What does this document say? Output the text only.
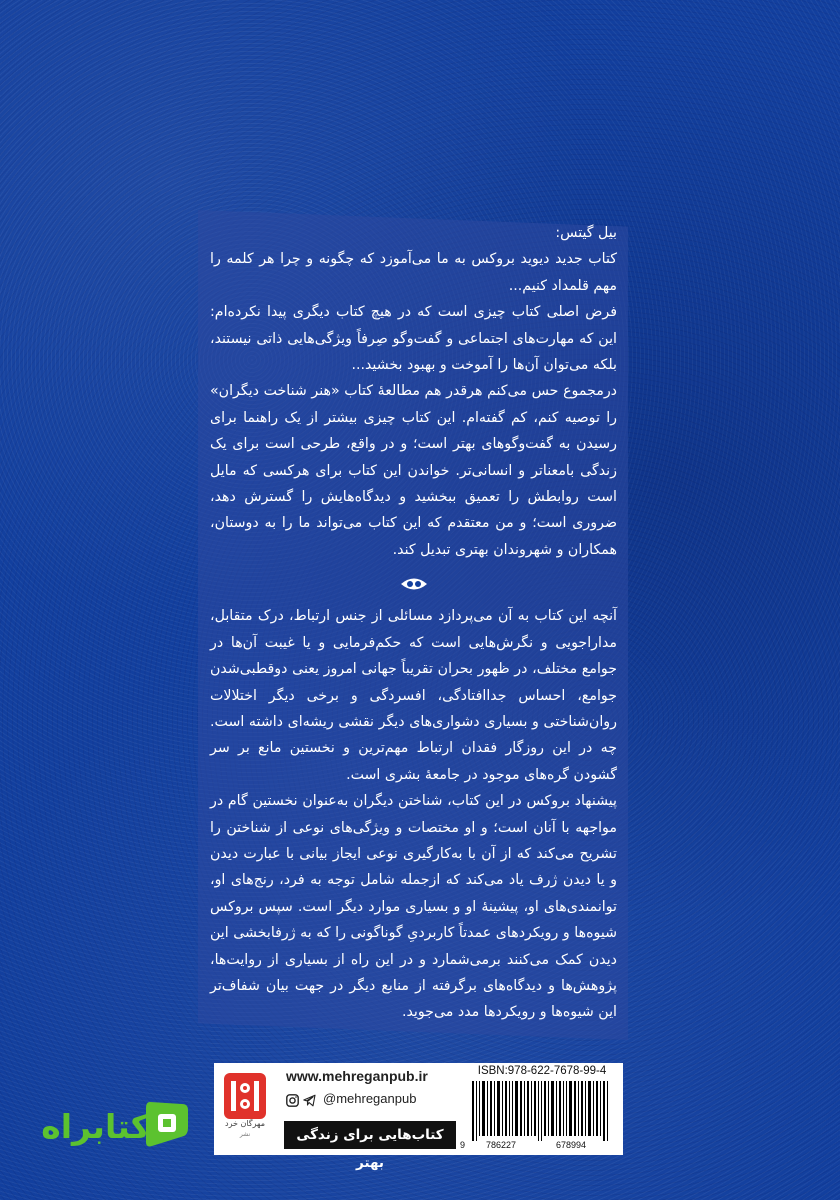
بیل گیتس:

کتاب جدید دیوید بروکس به ما می‌آموزد که چگونه و چرا هر کلمه را مهم قلمداد کنیم...

فرض اصلی کتاب چیزی است که در هیچ کتاب دیگری پیدا نکرده‌ام: این که مهارت‌های اجتماعی و گفت‌وگو صِرفاً ویژگی‌هایی ذاتی نیستند، بلکه می‌توان آن‌ها را آموخت و بهبود بخشید...

درمجموع حس می‌کنم هرقدر هم مطالعهٔ کتاب «هنر شناخت دیگران» را توصیه کنم، کم گفته‌ام. این کتاب چیزی بیشتر از یک راهنما برای رسیدن به گفت‌وگوهای بهتر است؛ و در واقع، طرحی است برای یک زندگی بامعناتر و انسانی‌تر. خواندن این کتاب برای هرکسی که مایل است روابطش را تعمیق ببخشید و دیدگاه‌هایش را گسترش دهد، ضروری است؛ و من معتقدم که این کتاب می‌تواند ما را به دوستان، همکاران و شهروندان بهتری تبدیل کند.

آنچه این کتاب به آن می‌پردازد مسائلی از جنس ارتباط، درک متقابل، مداراجویی و نگرش‌هایی است که حکم‌فرمایی و یا غیبت آن‌ها در جوامع مختلف، در ظهور بحران تقریباً جهانی امروز یعنی دوقطبی‌شدن جوامع، احساس جداافتادگی، افسردگی و برخی دیگر اختلالات روان‌شناختی و بسیاری دشواری‌های دیگر نقشی ریشه‌ای داشته است. چه در این روزگار فقدان ارتباط مهم‌ترین و نخستین مانع بر سر گشودن گره‌های موجود در جامعهٔ بشری است.

پیشنهاد بروکس در این کتاب، شناختن دیگران به‌عنوان نخستین گام در مواجهه با آنان است؛ و او مختصات و ویژگی‌های نوعی از شناختن را تشریح می‌کند که از آن با به‌کارگیری نوعی ایجاز بیانی با عبارت دیدن و یا دیدن ژرف یاد می‌کند که ازجمله شامل توجه به فرد، رنج‌های او، توانمندی‌های او، پیشینهٔ او و بسیاری موارد دیگر است. سپس بروکس شیوه‌ها و رویکردهای عمدتاً کاربردیِ گوناگونی را که به ژرفابخشی این دیدن کمک می‌کنند برمی‌شمارد و در این راه از بسیاری از روایت‌ها، پژوهش‌ها و دیدگاه‌های برگرفته از منابع دیگر در جهت بیان شفاف‌تر این شیوه‌ها و رویکردها مدد می‌جوید.

مهرگان خرد
نشر
www.mehreganpub.ir
@mehreganpub
کتاب‌هایی برای زندگی بهتر
ISBN:978-622-7678-99-4
9 786227	678994
کتابراه
